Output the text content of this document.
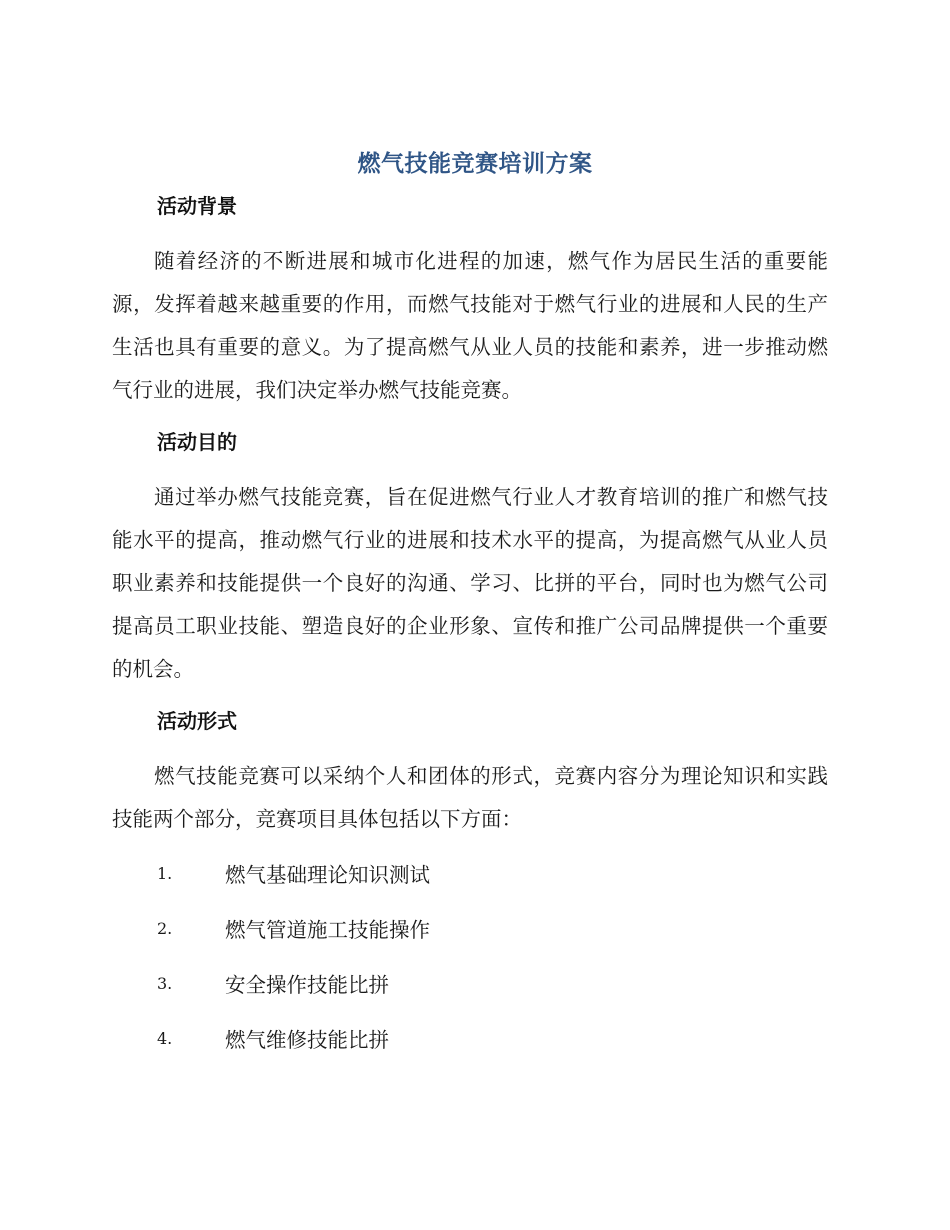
燃气技能竞赛培训方案
活动背景
随着经济的不断进展和城市化进程的加速，燃气作为居民生活的重要能源，发挥着越来越重要的作用，而燃气技能对于燃气行业的进展和人民的生产生活也具有重要的意义。为了提高燃气从业人员的技能和素养，进一步推动燃气行业的进展，我们决定举办燃气技能竞赛。
活动目的
通过举办燃气技能竞赛，旨在促进燃气行业人才教育培训的推广和燃气技能水平的提高，推动燃气行业的进展和技术水平的提高，为提高燃气从业人员职业素养和技能提供一个良好的沟通、学习、比拼的平台，同时也为燃气公司提高员工职业技能、塑造良好的企业形象、宣传和推广公司品牌提供一个重要的机会。
活动形式
燃气技能竞赛可以采纳个人和团体的形式，竞赛内容分为理论知识和实践技能两个部分，竞赛项目具体包括以下方面：
1.	燃气基础理论知识测试
2.	燃气管道施工技能操作
3.	安全操作技能比拼
4.	燃气维修技能比拼
